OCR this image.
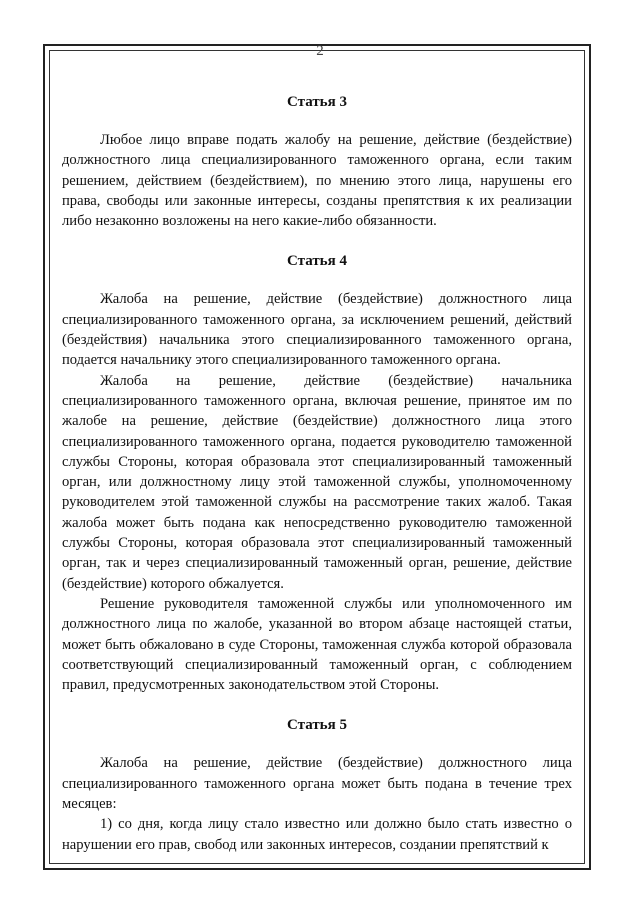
2
Статья 3

Любое лицо вправе подать жалобу на решение, действие (бездействие) должностного лица специализированного таможенного органа, если таким решением, действием (бездействием), по мнению этого лица, нарушены его права, свободы или законные интересы, созданы препятствия к их реализации либо незаконно возложены на него какие-либо обязанности.

Статья 4

Жалоба на решение, действие (бездействие) должностного лица специализированного таможенного органа, за исключением решений, действий (бездействия) начальника этого специализированного таможенного органа, подается начальнику этого специализированного таможенного органа.

Жалоба на решение, действие (бездействие) начальника специализированного таможенного органа, включая решение, принятое им по жалобе на решение, действие (бездействие) должностного лица этого специализированного таможенного органа, подается руководителю таможенной службы Стороны, которая образовала этот специализированный таможенный орган, или должностному лицу этой таможенной службы, уполномоченному руководителем этой таможенной службы на рассмотрение таких жалоб. Такая жалоба может быть подана как непосредственно руководителю таможенной службы Стороны, которая образовала этот специализированный таможенный орган, так и через специализированный таможенный орган, решение, действие (бездействие) которого обжалуется.

Решение руководителя таможенной службы или уполномоченного им должностного лица по жалобе, указанной во втором абзаце настоящей статьи, может быть обжаловано в суде Стороны, таможенная служба которой образовала соответствующий специализированный таможенный орган, с соблюдением правил, предусмотренных законодательством этой Стороны.

Статья 5

Жалоба на решение, действие (бездействие) должностного лица специализированного таможенного органа может быть подана в течение трех месяцев:

1) со дня, когда лицу стало известно или должно было стать известно о нарушении его прав, свобод или законных интересов, создании препятствий к
